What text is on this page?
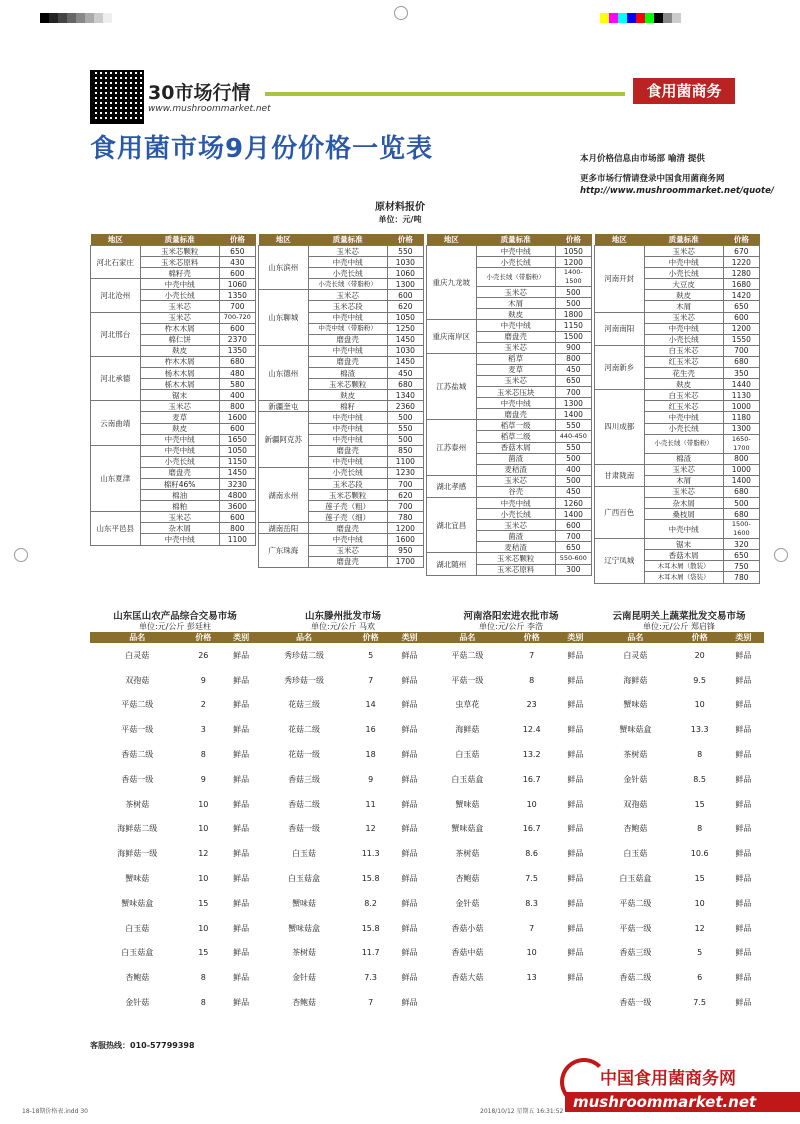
30市场行情
www.mushroommarket.net
食用菌商务
食用菌市场9月份价格一览表	本月价格信息由市场部 喻清 提供
更多市场行情请登录中国食用菌商务网
http://www.mushroommarket.net/quote/
原材料报价
单位：元/吨
地区	质量标准	价格
河北石家庄	玉米芯颗粒	650
	玉米芯原料	430
	棉籽壳	600
河北沧州	中壳中绒	1060
	小壳长绒	1350
	玉米芯	700
河北邢台	玉米芯	700-720
	柞木木屑	600
	棉仁饼	2370
	麸皮	1350
河北承德	柞木木屑	680
	杨木木屑	480
	栎木木屑	580
	锯末	400
云南曲靖	玉米芯	800
	麦草	1600
	麸皮	600
	中壳中绒	1650
山东夏津	中壳中绒	1050
	小壳长绒	1150
	磨盘壳	1450
	棉籽46%	3230
	棉油	4800
	棉粕	3600
山东平邑县	玉米芯	600
	杂木屑	800
	中壳中绒	1100
地区	质量标准	价格
山东滨州	玉米芯	550
	中壳中绒	1030
	小壳长绒	1060
	小壳长绒（带脂粉）	1300
山东聊城	玉米芯	600
	玉米芯段	620
	中壳中绒	1050
	中壳中绒（带脂粉）	1250
	磨盘壳	1450
山东德州	中壳中绒	1030
	磨盘壳	1450
	棉渣	450
	玉米芯颗粒	680
	麸皮	1340
新疆奎屯	棉籽	2360
新疆阿克苏	中壳中绒	500
	中壳中绒	550
	中壳中绒	500
	磨盘壳	850
	中壳中绒	1100
湖南永州	小壳长绒	1230
	玉米芯段	700
	玉米芯颗粒	620
	莲子壳（粗）	700
	莲子壳（细）	780
湖南岳阳	磨盘壳	1200
广东珠海	中壳中绒	1600
	玉米芯	950
	磨盘壳	1700
地区	质量标准	价格
重庆九龙坡	中壳中绒	1050
	小壳长绒	1200
	小壳长绒（带脂粉）	1400-1500
	玉米芯	500
	木屑	500
	麸皮	1800
重庆南岸区	中壳中绒	1150
	磨盘壳	1500
	玉米芯	900
江苏盐城	稻草	800
	麦草	450
	玉米芯	650
	玉米芯压块	700
	中壳中绒	1300
	磨盘壳	1400
江苏泰州	稻草一级	550
	稻草二级	440-450
	香菇木屑	550
	菌渣	500
	麦秸渣	400
湖北孝感	玉米芯	500
	谷壳	450
湖北宜昌	中壳中绒	1260
	小壳长绒	1400
	玉米芯	600
	菌渣	700
	麦秸渣	650
湖北随州	玉米芯颗粒	550-600
	玉米芯原料	300
地区	质量标准	价格
河南开封	玉米芯	670
	中壳中绒	1220
	小壳长绒	1280
	大豆皮	1680
	麸皮	1420
	木屑	650
河南南阳	玉米芯	600
	中壳中绒	1200
	小壳长绒	1550
河南新乡	白玉米芯	700
	红玉米芯	680
	花生壳	350
	麸皮	1440
四川成都	白玉米芯	1130
	红玉米芯	1000
	中壳中绒	1180
	小壳长绒	1300
	小壳长绒（带脂粉）	1650-1700
	棉渣	800
甘肃陇南	玉米芯	1000
	木屑	1400
广西百色	玉米芯	680
	杂木屑	500
	桑枝屑	680
	中壳中绒	1500-1600
辽宁凤城	锯末	320
	香菇木屑	650
	木耳木屑（散装）	750
	木耳木屑（袋装）	780
山东匡山农产品综合交易市场
单位:元/公斤 彭廷柱
品名	价格	类别
白灵菇	26	鲜品
双孢菇	9	鲜品
平菇二级	2	鲜品
平菇一级	3	鲜品
香菇二级	8	鲜品
香菇一级	9	鲜品
茶树菇	10	鲜品
海鲜菇二级	10	鲜品
海鲜菇一级	12	鲜品
蟹味菇	10	鲜品
蟹味菇盒	15	鲜品
白玉菇	10	鲜品
白玉菇盒	15	鲜品
杏鲍菇	8	鲜品
金针菇	8	鲜品
山东滕州批发市场
单位:元/公斤 马欢
品名	价格	类别
秀珍菇二级	5	鲜品
秀珍菇一级	7	鲜品
花菇三级	14	鲜品
花菇二级	16	鲜品
花菇一级	18	鲜品
香菇三级	9	鲜品
香菇二级	11	鲜品
香菇一级	12	鲜品
白玉菇	11.3	鲜品
白玉菇盒	15.8	鲜品
蟹味菇	8.2	鲜品
蟹味菇盒	15.8	鲜品
茶树菇	11.7	鲜品
金针菇	7.3	鲜品
杏鲍菇	7	鲜品
河南洛阳宏进农批市场
单位:元/公斤 李浩
品名	价格	类别
平菇二级	7	鲜品
平菇一级	8	鲜品
虫草花	23	鲜品
海鲜菇	12.4	鲜品
白玉菇	13.2	鲜品
白玉菇盒	16.7	鲜品
蟹味菇	10	鲜品
蟹味菇盒	16.7	鲜品
茶树菇	8.6	鲜品
杏鲍菇	7.5	鲜品
金针菇	8.3	鲜品
香菇小菇	7	鲜品
香菇中菇	10	鲜品
香菇大菇	13	鲜品
云南昆明关上蔬菜批发交易市场
单位:元/公斤 郑启锋
品名	价格	类别
白灵菇	20	鲜品
海鲜菇	9.5	鲜品
蟹味菇	10	鲜品
蟹味菇盒	13.3	鲜品
茶树菇	8	鲜品
金针菇	8.5	鲜品
双孢菇	15	鲜品
杏鲍菇	8	鲜品
白玉菇	10.6	鲜品
白玉菇盒	15	鲜品
平菇二级	10	鲜品
平菇一级	12	鲜品
香菇三级	5	鲜品
香菇二级	6	鲜品
香菇一级	7.5	鲜品
客服热线：010-57799398
中国食用菌商务网
mushroommarket.net
18-18期价格表.indd 30	2018/10/12 星期五 16:31:52
